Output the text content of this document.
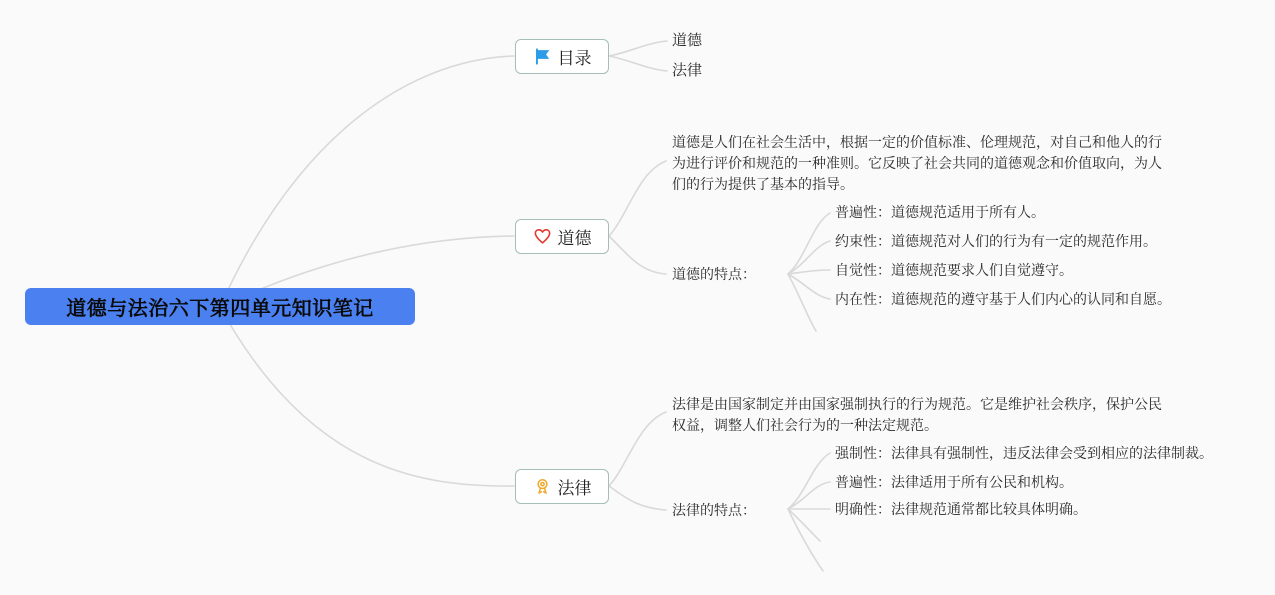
道德与法治六下第四单元知识笔记
目录
道德
法律
道德
道德是人们在社会生活中，根据一定的价值标准、伦理规范，对自己和他人的行
为进行评价和规范的一种准则。它反映了社会共同的道德观念和价值取向，为人
们的行为提供了基本的指导。
道德的特点：
普遍性：道德规范适用于所有人。
约束性：道德规范对人们的行为有一定的规范作用。
自觉性：道德规范要求人们自觉遵守。
内在性：道德规范的遵守基于人们内心的认同和自愿。
法律
法律是由国家制定并由国家强制执行的行为规范。它是维护社会秩序，保护公民
权益，调整人们社会行为的一种法定规范。
法律的特点：
强制性：法律具有强制性，违反法律会受到相应的法律制裁。
普遍性：法律适用于所有公民和机构。
明确性：法律规范通常都比较具体明确。
